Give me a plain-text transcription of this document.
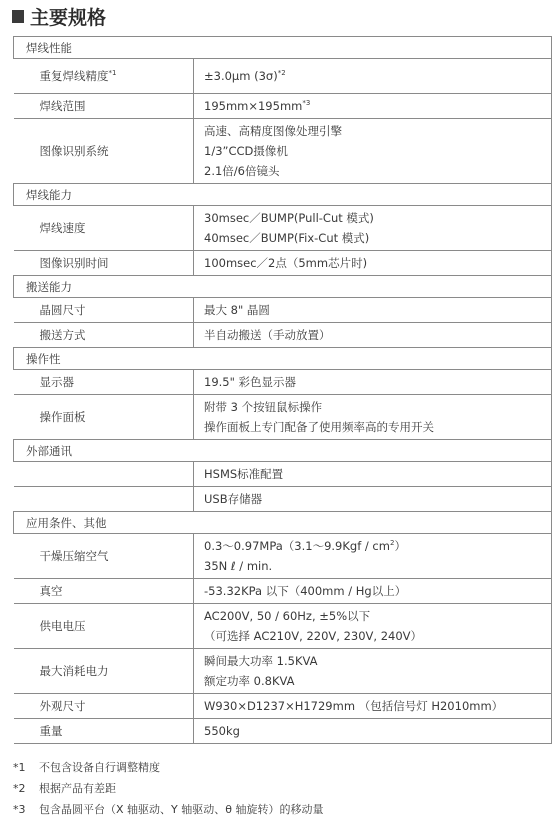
主要规格
焊线性能	
重复焊线精度$^{*1}$	±3.0μm $(3\sigma)^{*2}$

焊线范围	$195mm\times 195mm^{*3}$

图像识别系统	高速、高精度图像处理引擎
1/3”CCD摄像机
2.1倍/6倍镜头

焊线能力	
焊线速度	30msec／BUMP(Pull-Cut 模式)
40msec／BUMP(Fix-Cut 模式)

图像识别时间	100msec／2点（5mm芯片时)

搬送能力	
晶圆尺寸	最大 8" 晶圆

搬送方式	半自动搬送（手动放置）

操作性	
显示器	19.5" 彩色显示器

操作面板	附带 3 个按钮鼠标操作
操作面板上专门配备了使用频率高的专用开关

外部通讯	

	HSMS标准配置

	USB存储器

应用条件、其他	
干燥压缩空气	0.3～0.97MPa（3.1～9.9Kgf / $cm^2$）
35N ℓ / min.

真空	-53.32KPa 以下（400mm / Hg以上）

供电电压	AC200V, 50 / 60Hz, ±5%以下
（可选择 AC210V, 220V, 230V, 240V）

最大消耗电力	瞬间最大功率 1.5KVA
额定功率 0.8KVA

外观尺寸	W930×D1237×H1729mm （包括信号灯 H2010mm）

重量	550kg
*1	不包含设备自行调整精度
*2	根据产品有差距
*3	包含晶圆平台（X 轴驱动、Y 轴驱动、θ 轴旋转）的移动量
